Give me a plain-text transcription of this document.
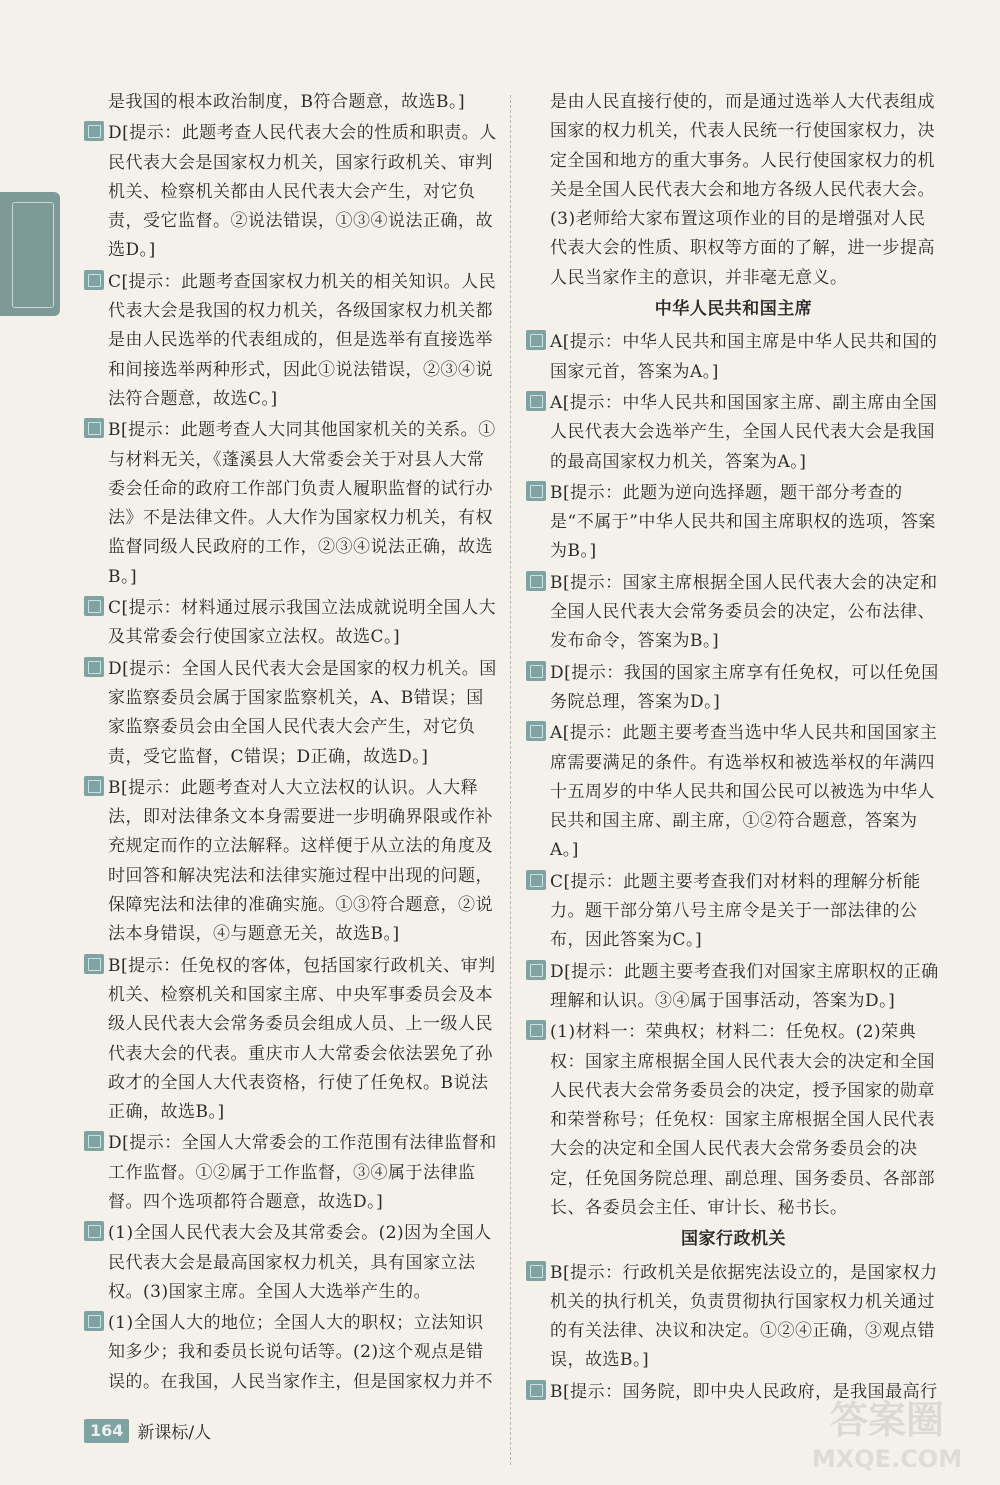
是我国的根本政治制度，B符合题意，故选B。]
D[提示：此题考查人民代表大会的性质和职责。人民代表大会是国家权力机关，国家行政机关、审判机关、检察机关都由人民代表大会产生，对它负责，受它监督。②说法错误，①③④说法正确，故选D。]
C[提示：此题考查国家权力机关的相关知识。人民代表大会是我国的权力机关，各级国家权力机关都是由人民选举的代表组成的，但是选举有直接选举和间接选举两种形式，因此①说法错误，②③④说法符合题意，故选C。]
B[提示：此题考查人大同其他国家机关的关系。①与材料无关，《蓬溪县人大常委会关于对县人大常委会任命的政府工作部门负责人履职监督的试行办法》不是法律文件。人大作为国家权力机关，有权监督同级人民政府的工作，②③④说法正确，故选B。]
C[提示：材料通过展示我国立法成就说明全国人大及其常委会行使国家立法权。故选C。]
D[提示：全国人民代表大会是国家的权力机关。国家监察委员会属于国家监察机关，A、B错误；国家监察委员会由全国人民代表大会产生，对它负责，受它监督，C错误；D正确，故选D。]
B[提示：此题考查对人大立法权的认识。人大释法，即对法律条文本身需要进一步明确界限或作补充规定而作的立法解释。这样便于从立法的角度及时回答和解决宪法和法律实施过程中出现的问题，保障宪法和法律的准确实施。①③符合题意，②说法本身错误，④与题意无关，故选B。]
B[提示：任免权的客体，包括国家行政机关、审判机关、检察机关和国家主席、中央军事委员会及本级人民代表大会常务委员会组成人员、上一级人民代表大会的代表。重庆市人大常委会依法罢免了孙政才的全国人大代表资格，行使了任免权。B说法正确，故选B。]
D[提示：全国人大常委会的工作范围有法律监督和工作监督。①②属于工作监督，③④属于法律监督。四个选项都符合题意，故选D。]
(1)全国人民代表大会及其常委会。(2)因为全国人民代表大会是最高国家权力机关，具有国家立法权。(3)国家主席。全国人大选举产生的。
(1)全国人大的地位；全国人大的职权；立法知识知多少；我和委员长说句话等。(2)这个观点是错误的。在我国，人民当家作主，但是国家权力并不
是由人民直接行使的，而是通过选举人大代表组成国家的权力机关，代表人民统一行使国家权力，决定全国和地方的重大事务。人民行使国家权力的机关是全国人民代表大会和地方各级人民代表大会。(3)老师给大家布置这项作业的目的是增强对人民代表大会的性质、职权等方面的了解，进一步提高人民当家作主的意识，并非毫无意义。
中华人民共和国主席
A[提示：中华人民共和国主席是中华人民共和国的国家元首，答案为A。]
A[提示：中华人民共和国国家主席、副主席由全国人民代表大会选举产生，全国人民代表大会是我国的最高国家权力机关，答案为A。]
B[提示：此题为逆向选择题，题干部分考查的是“不属于”中华人民共和国主席职权的选项，答案为B。]
B[提示：国家主席根据全国人民代表大会的决定和全国人民代表大会常务委员会的决定，公布法律、发布命令，答案为B。]
D[提示：我国的国家主席享有任免权，可以任免国务院总理，答案为D。]
A[提示：此题主要考查当选中华人民共和国国家主席需要满足的条件。有选举权和被选举权的年满四十五周岁的中华人民共和国公民可以被选为中华人民共和国主席、副主席，①②符合题意，答案为A。]
C[提示：此题主要考查我们对材料的理解分析能力。题干部分第八号主席令是关于一部法律的公布，因此答案为C。]
D[提示：此题主要考查我们对国家主席职权的正确理解和认识。③④属于国事活动，答案为D。]
(1)材料一：荣典权；材料二：任免权。(2)荣典权：国家主席根据全国人民代表大会的决定和全国人民代表大会常务委员会的决定，授予国家的勋章和荣誉称号；任免权：国家主席根据全国人民代表大会的决定和全国人民代表大会常务委员会的决定，任免国务院总理、副总理、国务委员、各部部长、各委员会主任、审计长、秘书长。
国家行政机关
B[提示：行政机关是依据宪法设立的，是国家权力机关的执行机关，负责贯彻执行国家权力机关通过的有关法律、决议和决定。①②④正确，③观点错误，故选B。]
B[提示：国务院，即中央人民政府，是我国最高行
164 新课标/人	答案圈
MXQE.COM
